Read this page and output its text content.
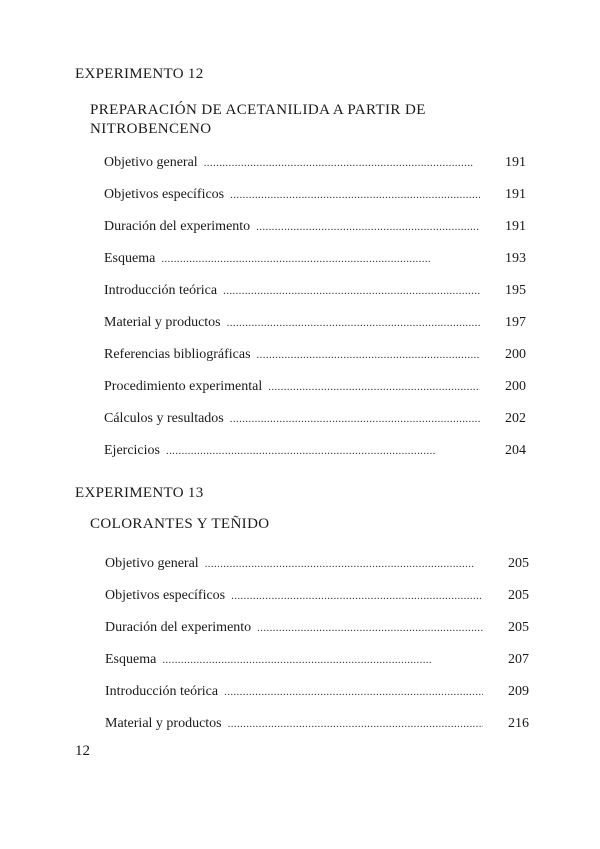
EXPERIMENTO 12
PREPARACIÓN DE ACETANILIDA A PARTIR DE NITROBENCENO
Objetivo general . . .	191
Objetivos específicos . . .	191
Duración del experimento . . .	191
Esquema . . .	193
Introducción teórica . . .	195
Material y productos . . .	197
Referencias bibliográficas . . .	200
Procedimiento experimental . . .	200
Cálculos y resultados . . .	202
Ejercicios . . .	204
EXPERIMENTO 13
COLORANTES Y TEÑIDO
Objetivo general . . .	205
Objetivos específicos . . .	205
Duración del experimento . . .	205
Esquema . . .	207
Introducción teórica . . .	209
Material y productos . . .	216
12
